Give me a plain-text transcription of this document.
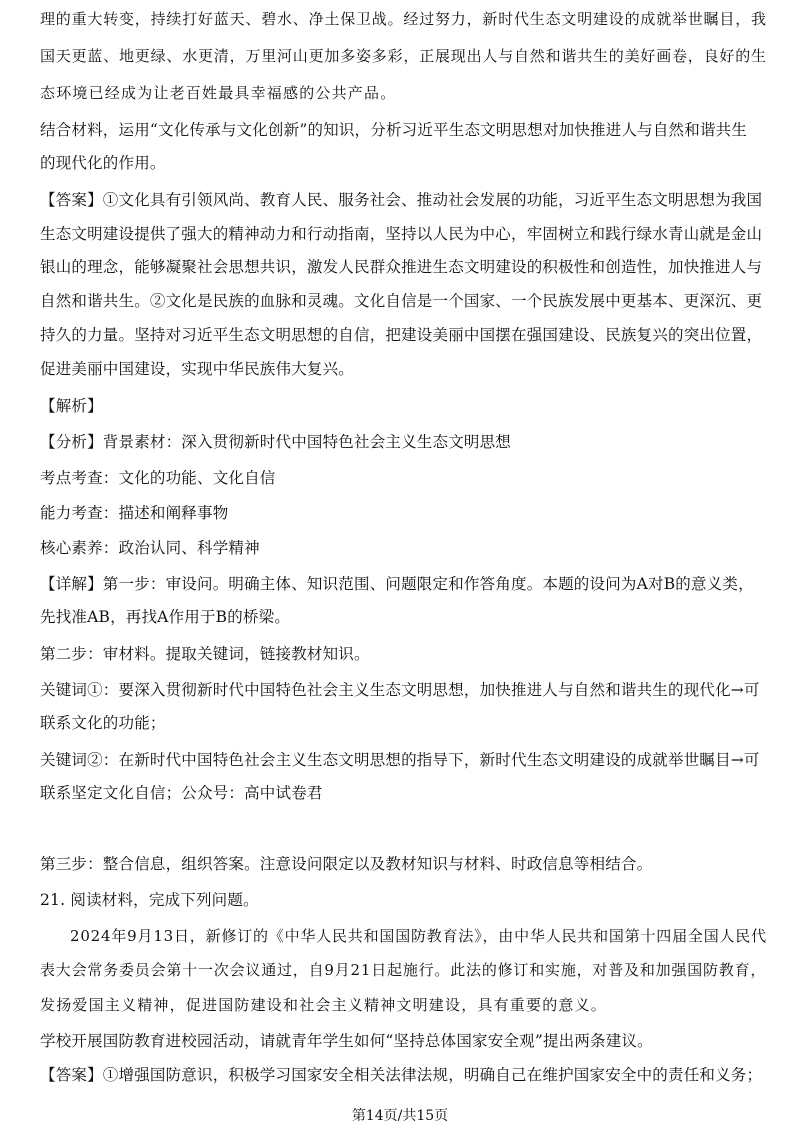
理的重大转变，持续打好蓝天、碧水、净土保卫战。经过努力，新时代生态文明建设的成就举世瞩目，我
国天更蓝、地更绿、水更清，万里河山更加多姿多彩，正展现出人与自然和谐共生的美好画卷，良好的生
态环境已经成为让老百姓最具幸福感的公共产品。
结合材料，运用“文化传承与文化创新”的知识，分析习近平生态文明思想对加快推进人与自然和谐共生
的现代化的作用。
【答案】①文化具有引领风尚、教育人民、服务社会、推动社会发展的功能，习近平生态文明思想为我国
生态文明建设提供了强大的精神动力和行动指南，坚持以人民为中心，牢固树立和践行绿水青山就是金山
银山的理念，能够凝聚社会思想共识，激发人民群众推进生态文明建设的积极性和创造性，加快推进人与
自然和谐共生。②文化是民族的血脉和灵魂。文化自信是一个国家、一个民族发展中更基本、更深沉、更
持久的力量。坚持对习近平生态文明思想的自信，把建设美丽中国摆在强国建设、民族复兴的突出位置，
促进美丽中国建设，实现中华民族伟大复兴。
【解析】
【分析】背景素材：深入贯彻新时代中国特色社会主义生态文明思想
考点考查：文化的功能、文化自信
能力考查：描述和阐释事物
核心素养：政治认同、科学精神
【详解】第一步：审设问。明确主体、知识范围、问题限定和作答角度。本题的设问为A对B的意义类，
先找准AB，再找A作用于B的桥梁。
第二步：审材料。提取关键词，链接教材知识。
关键词①：要深入贯彻新时代中国特色社会主义生态文明思想，加快推进人与自然和谐共生的现代化→可
联系文化的功能；
关键词②：在新时代中国特色社会主义生态文明思想的指导下，新时代生态文明建设的成就举世瞩目→可
联系坚定文化自信；公众号：高中试卷君
第三步：整合信息，组织答案。注意设问限定以及教材知识与材料、时政信息等相结合。
21. 阅读材料，完成下列问题。
2024年9月13日，新修订的《中华人民共和国国防教育法》，由中华人民共和国第十四届全国人民代
表大会常务委员会第十一次会议通过，自9月21日起施行。此法的修订和实施，对普及和加强国防教育，
发扬爱国主义精神，促进国防建设和社会主义精神文明建设，具有重要的意义。
学校开展国防教育进校园活动，请就青年学生如何“坚持总体国家安全观”提出两条建议。
【答案】①增强国防意识，积极学习国家安全相关法律法规，明确自己在维护国家安全中的责任和义务；
第14页/共15页
